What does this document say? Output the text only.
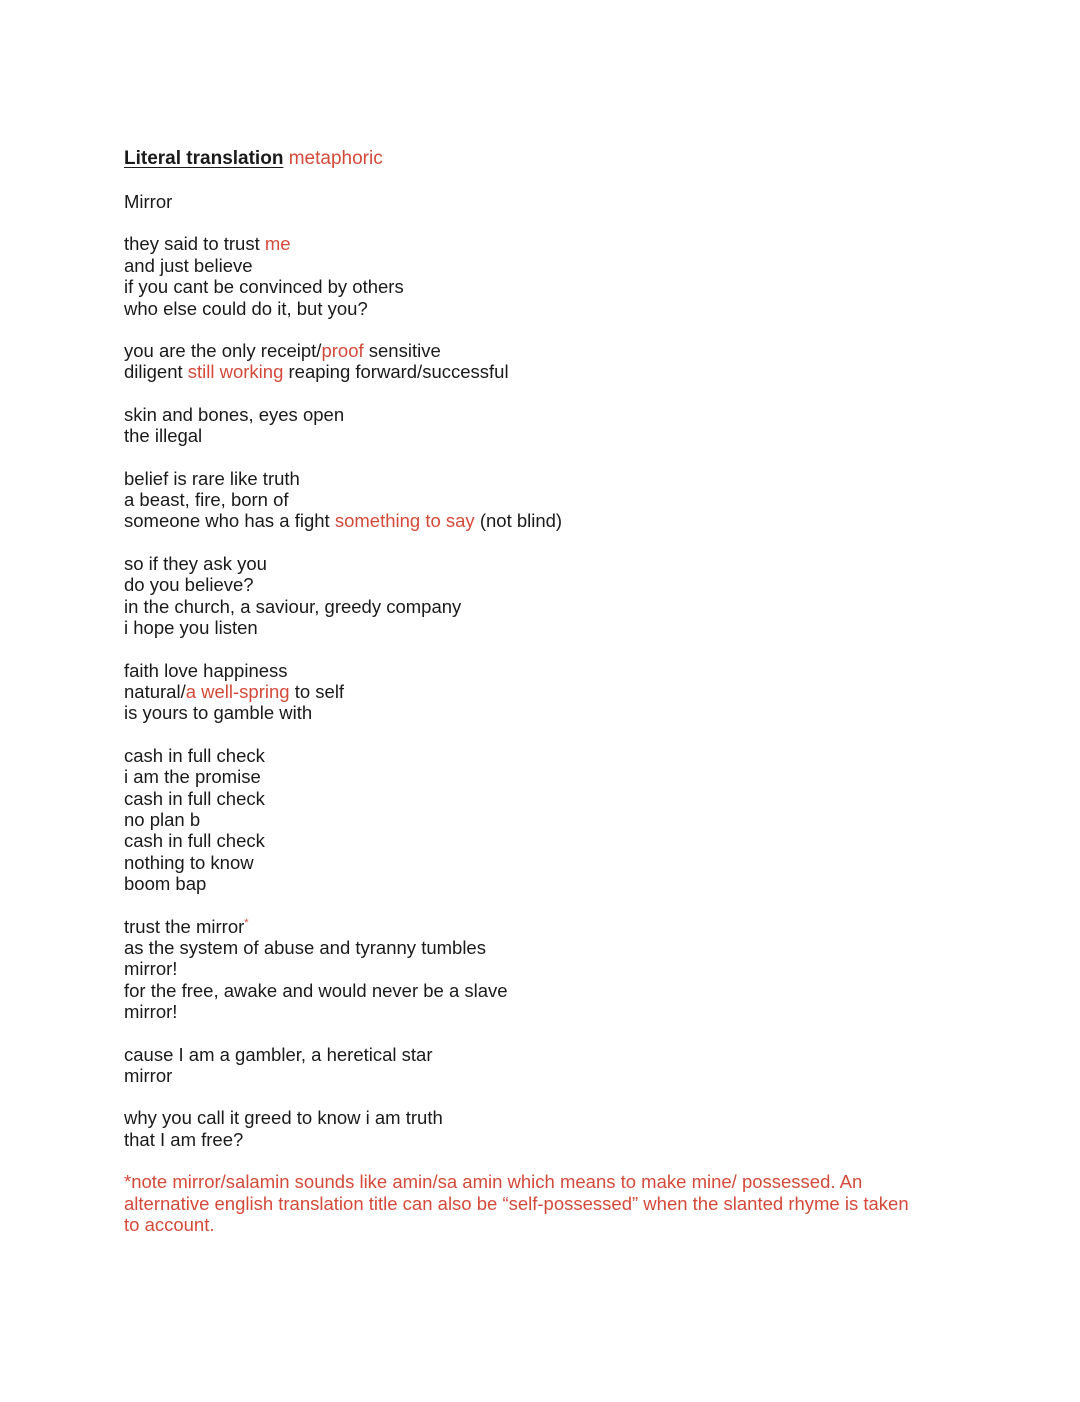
Literal translation metaphoric
Mirror
they said to trust me
and just believe
if you cant be convinced by others
who else could do it, but you?
you are the only receipt/proof sensitive
diligent still working reaping forward/successful
skin and bones, eyes open
the illegal
belief is rare like truth
a beast, fire, born of
someone who has a fight something to say (not blind)
so if they ask you
do you believe?
in the church, a saviour, greedy company
i hope you listen
faith love happiness
natural/a well-spring to self
is yours to gamble with
cash in full check
i am the promise
cash in full check
no plan b
cash in full check
nothing to know
boom bap
trust the mirror*
as the system of abuse and tyranny tumbles
mirror!
for the free, awake and would never be a slave
mirror!
cause I am a gambler, a heretical star
mirror
why you call it greed to know i am truth
that I am free?
*note mirror/salamin sounds like amin/sa amin which means to make mine/ possessed. An alternative english translation title can also be “self-possessed” when the slanted rhyme is taken to account.
